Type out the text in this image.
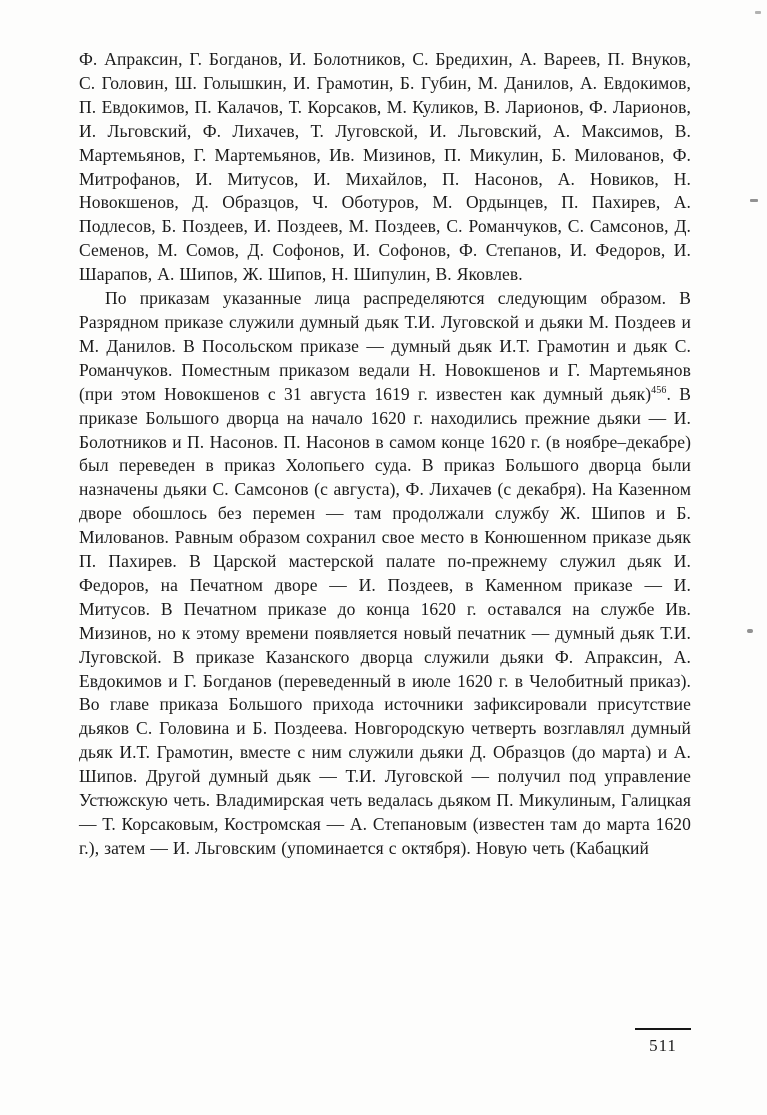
Ф. Апраксин, Г. Богданов, И. Болотников, С. Бредихин, А. Вареев, П. Внуков, С. Головин, Ш. Голышкин, И. Грамотин, Б. Губин, М. Данилов, А. Евдокимов, П. Евдокимов, П. Калачов, Т. Корсаков, М. Куликов, В. Ларионов, Ф. Ларионов, И. Льговский, Ф. Лихачев, Т. Луговской, И. Льговский, А. Максимов, В. Мартемьянов, Г. Мартемьянов, Ив. Мизинов, П. Микулин, Б. Милованов, Ф. Митрофанов, И. Митусов, И. Михайлов, П. Насонов, А. Новиков, Н. Новокшенов, Д. Образцов, Ч. Оботуров, М. Ордынцев, П. Пахирев, А. Подлесов, Б. Поздеев, И. Поздеев, М. Поздеев, С. Романчуков, С. Самсонов, Д. Семенов, М. Сомов, Д. Софонов, И. Софонов, Ф. Степанов, И. Федоров, И. Шарапов, А. Шипов, Ж. Шипов, Н. Шипулин, В. Яковлев.

По приказам указанные лица распределяются следующим образом. В Разрядном приказе служили думный дьяк Т.И. Луговской и дьяки М. Поздеев и М. Данилов. В Посольском приказе — думный дьяк И.Т. Грамотин и дьяк С. Романчуков. Поместным приказом ведали Н. Новокшенов и Г. Мартемьянов (при этом Новокшенов с 31 августа 1619 г. известен как думный дьяк)$^{456}$. В приказе Большого дворца на начало 1620 г. находились прежние дьяки — И. Болотников и П. Насонов. П. Насонов в самом конце 1620 г. (в ноябре–декабре) был переведен в приказ Холопьего суда. В приказ Большого дворца были назначены дьяки С. Самсонов (с августа), Ф. Лихачев (с декабря). На Казенном дворе обошлось без перемен — там продолжали службу Ж. Шипов и Б. Милованов. Равным образом сохранил свое место в Конюшенном приказе дьяк П. Пахирев. В Царской мастерской палате по-прежнему служил дьяк И. Федоров, на Печатном дворе — И. Поздеев, в Каменном приказе — И. Митусов. В Печатном приказе до конца 1620 г. оставался на службе Ив. Мизинов, но к этому времени появляется новый печатник — думный дьяк Т.И. Луговской. В приказе Казанского дворца служили дьяки Ф. Апраксин, А. Евдокимов и Г. Богданов (переведенный в июле 1620 г. в Челобитный приказ). Во главе приказа Большого прихода источники зафиксировали присутствие дьяков С. Головина и Б. Поздеева. Новгородскую четверть возглавлял думный дьяк И.Т. Грамотин, вместе с ним служили дьяки Д. Образцов (до марта) и А. Шипов. Другой думный дьяк — Т.И. Луговской — получил под управление Устюжскую четь. Владимирская четь ведалась дьяком П. Микулиным, Галицкая — Т. Корсаковым, Костромская — А. Степановым (известен там до марта 1620 г.), затем — И. Льговским (упоминается с октября). Новую четь (Кабацкий

511
